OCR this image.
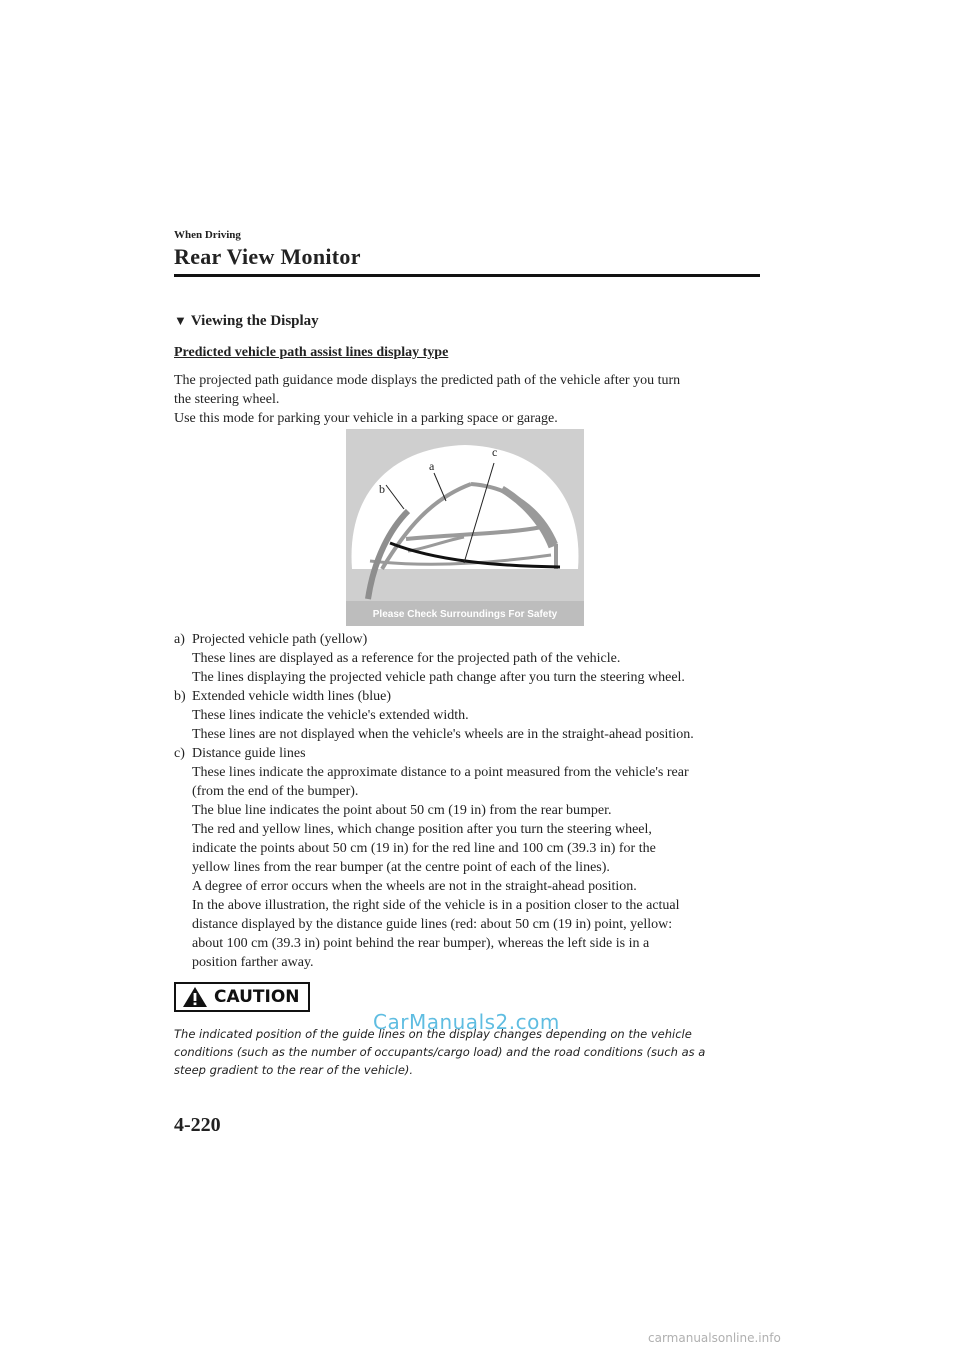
When Driving
Rear View Monitor
▼ Viewing the Display
Predicted vehicle path assist lines display type

The projected path guidance mode displays the predicted path of the vehicle after you turn

the steering wheel.

Use this mode for parking your vehicle in a parking space or garage.

b
a
c
Please Check Surroundings For Safety

a) Projected vehicle path (yellow)

These lines are displayed as a reference for the projected path of the vehicle.

The lines displaying the projected vehicle path change after you turn the steering wheel.

b) Extended vehicle width lines (blue)

These lines indicate the vehicle's extended width.

These lines are not displayed when the vehicle's wheels are in the straight-ahead position.

c) Distance guide lines

These lines indicate the approximate distance to a point measured from the vehicle's rear

(from the end of the bumper).

The blue line indicates the point about 50 cm (19 in) from the rear bumper.

The red and yellow lines, which change position after you turn the steering wheel,

indicate the points about 50 cm (19 in) for the red line and 100 cm (39.3 in) for the

yellow lines from the rear bumper (at the centre point of each of the lines).

A degree of error occurs when the wheels are not in the straight-ahead position.

In the above illustration, the right side of the vehicle is in a position closer to the actual

distance displayed by the distance guide lines (red: about 50 cm (19 in) point, yellow:

about 100 cm (39.3 in) point behind the rear bumper), whereas the left side is in a

position farther away.

CAUTION

The indicated position of the guide lines on the display changes depending on the vehicle

conditions (such as the number of occupants/cargo load) and the road conditions (such as a

steep gradient to the rear of the vehicle).

CarManuals2.com
4-220
carmanualsonline.info
